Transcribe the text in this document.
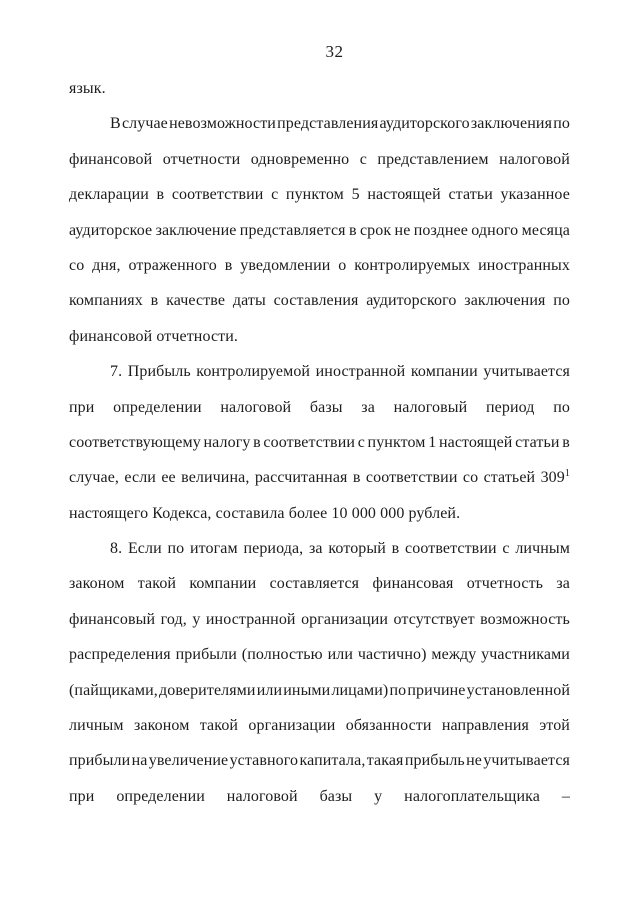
32
язык.
В случае невозможности представления аудиторского заключения по
финансовой отчетности одновременно с представлением налоговой
декларации в соответствии с пунктом 5 настоящей статьи указанное
аудиторское заключение представляется в срок не позднее одного месяца
со дня, отраженного в уведомлении о контролируемых иностранных
компаниях в качестве даты составления аудиторского заключения по
финансовой отчетности.
7. Прибыль контролируемой иностранной компании учитывается
при определении налоговой базы за налоговый период по
соответствующему налогу в соответствии с пунктом 1 настоящей статьи в
случае, если ее величина, рассчитанная в соответствии со статьей $309^1$
настоящего Кодекса, составила более 10 000 000 рублей.
8. Если по итогам периода, за который в соответствии с личным
законом такой компании составляется финансовая отчетность за
финансовый год, у иностранной организации отсутствует возможность
распределения прибыли (полностью или частично) между участниками
(пайщиками, доверителями или иными лицами) по причине установленной
личным законом такой организации обязанности направления этой
прибыли на увеличение уставного капитала, такая прибыль не учитывается
при определении налоговой базы у налогоплательщика –
